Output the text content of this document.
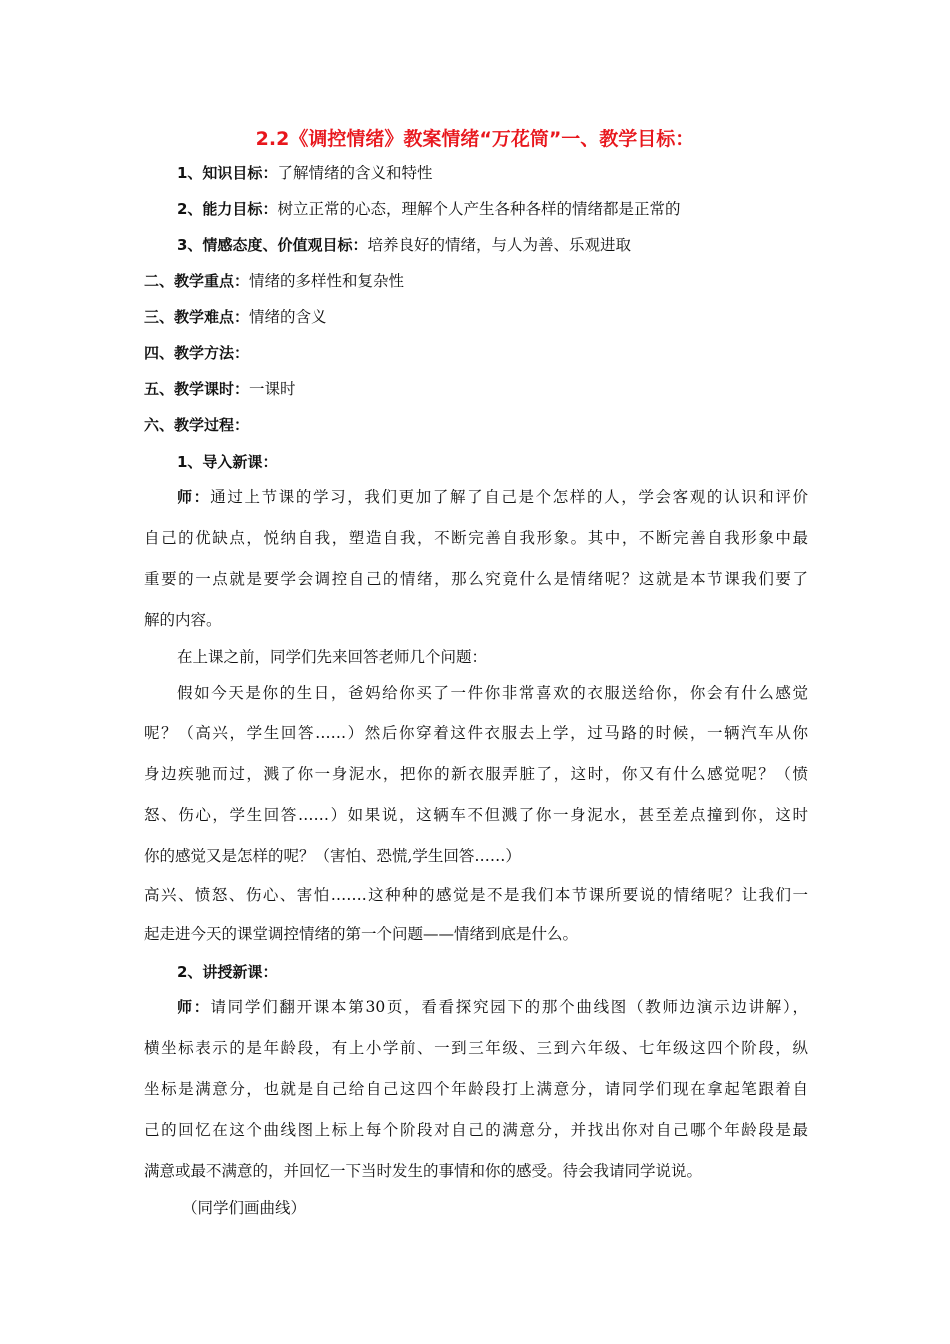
2.2《调控情绪》教案情绪“万花筒”一、教学目标：
1、知识目标：了解情绪的含义和特性
2、能力目标：树立正常的心态，理解个人产生各种各样的情绪都是正常的
3、情感态度、价值观目标：培养良好的情绪，与人为善、乐观进取
二、教学重点：情绪的多样性和复杂性
三、教学难点：情绪的含义
四、教学方法：
五、教学课时：一课时
六、教学过程：
1、导入新课：
师：通过上节课的学习，我们更加了解了自己是个怎样的人，学会客观的认识和评价
自己的优缺点，悦纳自我，塑造自我，不断完善自我形象。其中，不断完善自我形象中最
重要的一点就是要学会调控自己的情绪，那么究竟什么是情绪呢？这就是本节课我们要了
解的内容。
在上课之前，同学们先来回答老师几个问题：
假如今天是你的生日，爸妈给你买了一件你非常喜欢的衣服送给你，你会有什么感觉
呢？（高兴，学生回答……）然后你穿着这件衣服去上学，过马路的时候，一辆汽车从你
身边疾驰而过，溅了你一身泥水，把你的新衣服弄脏了，这时，你又有什么感觉呢？（愤
怒、伤心，学生回答……）如果说，这辆车不但溅了你一身泥水，甚至差点撞到你，这时
你的感觉又是怎样的呢？（害怕、恐慌,学生回答……）
高兴、愤怒、伤心、害怕…….这种种的感觉是不是我们本节课所要说的情绪呢？让我们一
起走进今天的课堂调控情绪的第一个问题——情绪到底是什么。
2、讲授新课：
师：请同学们翻开课本第30页，看看探究园下的那个曲线图（教师边演示边讲解），
横坐标表示的是年龄段，有上小学前、一到三年级、三到六年级、七年级这四个阶段，纵
坐标是满意分，也就是自己给自己这四个年龄段打上满意分，请同学们现在拿起笔跟着自
己的回忆在这个曲线图上标上每个阶段对自己的满意分，并找出你对自己哪个年龄段是最
满意或最不满意的，并回忆一下当时发生的事情和你的感受。待会我请同学说说。
（同学们画曲线）
